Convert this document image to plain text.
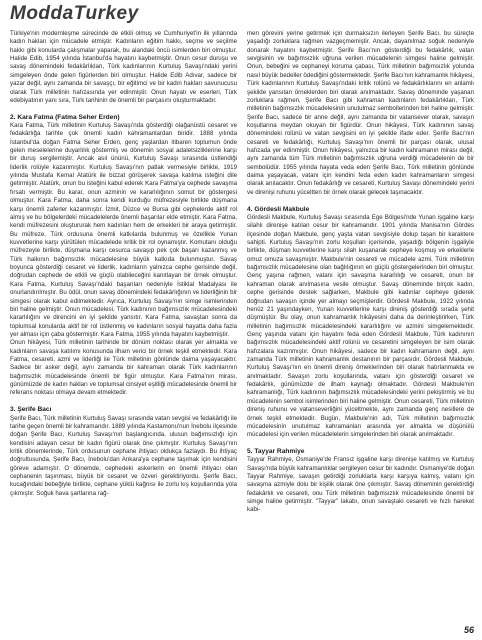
ModdaTurkey

Türkiye'nin modernleşme sürecinde de etkili olmuş ve Cumhuriyet'in ilk yıllarında kadın hakları için mücadele etmiştir. Kadınların eğitim hakkı, seçme ve seçilme hakkı gibi konularda çalışmalar yaparak, bu alandaki öncü isimlerden biri olmuştur. Halide Edib, 1954 yılında İstanbul'da hayatını kaybetmiştir. Onun cesur duruşu ve savaş dönemindeki fedakârlıkları, Türk kadınlarının Kurtuluş Savaşı'ndaki yerini simgeleyen önde gelen figürlerden biri olmuştur. Halide Edib Adıvar, sadece bir yazar değil, aynı zamanda bir savaşçı, bir eğitimci ve bir kadın hakları savunucusu olarak Türk milletinin hafızasında yer edinmiştir. Onun hayatı ve eserleri, Türk edebiyatının yanı sıra, Türk tarihinin de önemli bir parçasını oluşturmaktadır.

2. Kara Fatma (Fatma Seher Erden)

Kara Fatma, Türk milletinin Kurtuluş Savaşı'nda gösterdiği olağanüstü cesaret ve fedakârlığa tarihte çok önemli kadın kahramanlardan biridir. 1888 yılında İstanbul'da doğan Fatma Seher Erden, genç yaşlardan itibaren toplumun önde gelen meselelerine duyarlılık göstermiş ve dönemin sosyal adaletsizliklerine karşı bir duruş sergilemiştir. Ancak asıl ününü, Kurtuluş Savaşı sırasında üstlendiği liderlik rolüyle kazanmıştır. Kurtuluş Savaşı'nın patlak vermesiyle birlikte, 1919 yılında Mustafa Kemal Atatürk ile bizzat görüşerek savaşa katılma isteğini dile getirmiştir. Atatürk, onun bu isteğini kabul ederek Kara Fatma'ya cephede savaşma fırsatı vermiştir. Bu karar, onun azminin ve kararlılığının somut bir göstergesi olmuştur. Kara Fatma, daha sonra kendi kurduğu müfrezesiyle birlikte düşmana karşı önemli zaferler kazanmıştır. İzmit, Düzce ve Bursa gibi cephelerde aktif rol almış ve bu bölgelerdeki mücadelelerde önemli başarılar elde etmiştir. Kara Fatma, kendi müfrezesini oluştururak hem kadınları hem de erkekleri bir araya getirmiştir. Bu müfreze, Türk ordusuna önemli katkılarda bulunmuş ve özellikle Yunan kuvvetlerine karşı yürütülen mücadelede kritik bir rol oynamıştır. Komutanı olduğu müfrezeyle birlikte, düşmana karşı cesurca savaşıp pek çok başarı kazanmış ve Türk halkının bağımsızlık mücadelesine büyük katkıda bulunmuştur. Savaş boyunca gösterdiği cesaret ve liderlik, kadınların yalnızca cephe gerisinde değil, doğrudan cephede de etkili ve güçlü olabileceğini kanıtlayan bir örnek olmuştur. Kara Fatma, Kurtuluş Savaşı'ndaki başarıları nedeniyle İstiklal Madalyası ile onurlandırılmıştır. Bu ödül, onun savaş dönemindeki fedakârlığının ve liderliğinin bir simgesi olarak kabul edilmektedir. Ayrıca, Kurtuluş Savaşı'nın simge isimlerinden biri haline gelmiştir. Onun mücadelesi, Türk kadınının bağımsızlık mücadelesindeki kararlılığını ve direncini en iyi şekilde yansıtır. Kara Fatma, savaştan sonra da toplumsal konularda aktif bir rol üstlenmiş ve kadınların sosyal hayatta daha fazla yer alması için çaba göstermiştir. Kara Fatma, 1955 yılında hayatını kaybetmiştir.

Onun hikâyesi, Türk milletinin tarihinde bir dönüm noktası olarak yer almakta ve kadınların savaşa katılımı konusunda ilham verici bir örnek teşkil etmektedir. Kara Fatma, cesareti, azmi ve liderliği ile Türk milletinin gönlünde daima yaşayacaktır. Sadece bir asker değil, aynı zamanda bir kahraman olarak Türk kadınlarının bağımsızlık mücadelesinde önemli bir figür olmuştur. Kara Fatma'nın mirası, günümüzde de kadın hakları ve toplumsal cinsiyet eşitliği mücadelesinde önemli bir referans noktası olmaya devam etmektedir.

3. Şerife Bacı

Şerife Bacı, Türk milletinin Kurtuluş Savaşı sırasında vatan sevgisi ve fedakârlığı ile tarihe geçen önemli bir kahramandır. 1889 yılında Kastamonu'nun İnebolu ilçesinde doğan Şerife Bacı, Kurtuluş Savaşı'nın başlangıcında, ulusun bağımsızlığı için kendisini adayan cesur bir kadın figürü olarak öne çıkmıştır. Kurtuluş Savaşı'nın kritik dönemlerinde, Türk ordusunun cephane ihtiyacı oldukça fazlaydı. Bu ihtiyaç doğrultusunda, Şerife Bacı, İnebolu'dan Ankara'ya cephane taşımak için kendisini göreve adamıştır. O dönemde, cephedeki askerlerin en önemli ihtiyacı olan cephanenin taşınması, büyük bir cesaret ve özveri gerektiriyordu. Şerife Bacı, kucağındaki bebeğiyle birlikte, cephane yüklü kağnısı ile zorlu kış koşullarında yola çıkmıştır. Soğuk hava şartlarına rağ-

men görevini yerine getirmek için durmaksızın ilerleyen Şerife Bacı, bu süreçte yaşadığı zorluklara rağmen vazgeçmemiştir. Ancak, dayanılmaz soğuk nedeniyle donarak hayatını kaybetmiştir. Şerife Bacı'nın gösterdiği bu fedakârlık, vatan sevgisinin ve bağımsızlık uğruna verilen mücadelenin simgesi haline gelmiştir. Onun, bebeğini ve cephaneyi koruma çabası, Türk milletinin bağımsızlık yolunda nasıl büyük bedeller ödediğini göstermektedir. Şerife Bacı'nın kahramanlık hikâyesi, Türk kadınlarının Kurtuluş Savaşı'ndaki kritik rolünü ve fedakârlıklarını en anlamlı şekilde yansıtan örneklerden biri olarak anılmaktadır. Savaş döneminde yaşanan zorluklara rağmen, Şerife Bacı gibi kahraman kadınların fedakârlıkları, Türk milletinin bağımsızlık mücadelesinin unutulmaz sembollerinden biri haline gelmiştir. Şerife Bacı, sadece bir anne değil, aynı zamanda bir vatansever olarak, savaşın koşullarına meydan okuyan bir figürdür. Onun hikâyesi, Türk kadınının savaş dönemindeki rolünü ve vatan sevgisini en iyi şekilde ifade eder. Şerife Bacı'nın cesareti ve fedakârlığı, Kurtuluş Savaşı'nın önemli bir parçası olarak, ulusal hafızada yer edinmiştir. Onun hikâyesi, yalnızca bir kadın kahramanın mirası değil, aynı zamanda tüm Türk milletinin bağımsızlık uğruna verdiği mücadelenin de bir sembolüdür. 1955 yılında hayata veda eden Şerife Bacı, Türk milletinin gönlünde daima yaşayacak, vatanı için kendini feda eden kadın kahramanların simgesi olarak anılacaktır. Onun fedakârlığı ve cesareti, Kurtuluş Savaşı dönemindeki yerini ve direnişi ruhunu yüceltten bir örnek olarak gelecek taşınacaktır.

4. Gördesli Makbule

Gördesli Makbule, Kurtuluş Savaşı sırasında Ege Bölgesi'nde Yunan işgaline karşı silahlı direnişe katılan cesur bir kahramandır. 1901 yılında Manisa'nın Gördes ilçesinde doğan Makbule, genç yaşta vatan sevgisiyle dolup taşan bir karaktere sahipti. Kurtuluş Savaşı'nın zorlu koşulları içerisinde, yaşadığı bölgenin işgaliyle birlikte, düşman kuvvetlerine karşı silah kuşanarak cepheye koşmuş ve erkeklerle omuz omuza savaşmıştır. Makbule'nin cesareti ve mücadele azmi, Türk milletinin bağımsızlık mücadelesine olan bağlılığının en güçlü göstergelerinden biri olmuştur. Genç yaşına rağmen, vatanı için savaşma kararlılığı ve cesareti, onun bir kahraman olarak anılmasına vesile olmuştur. Savaş döneminde birçok kadın, cephe gerisinde destek sağlarken, Makbule gibi kadınlar cepheye giderek doğrudan savaşın içinde yer almayı seçmişlerdir. Gördesli Makbule, 1922 yılında henüz 21 yaşındayken, Yunan kuvvetlerine karşı direniş gösterdiği sırada şehit düşmüştür. Bu olay, onun kahramanlık hikâyesini daha da derinleştirirken, Türk milletinin bağımsızlık mücadelesindeki kararlılığını ve azmini simgelemektedir. Genç yaşında vatanı için hayatını feda eden Gördesli Makbule, Türk kadınının bağımsızlık mücadelesindeki aktif rolünü ve cesaretini simgeleyen bir isim olarak hafızalara kazınmıştır. Onun hikâyesi, sadece bir kadın kahramanın değil, aynı zamanda Türk milletinin kahramanlık destanının bir parçasıdır. Gördesli Makbule, Kurtuluş Savaşı'nın en önemli direniş örneklerinden biri olarak hatırlanmakta ve anılmaktadır. Savaşın zorlu koşullarında, vatanı için gösterdiği cesaret ve fedakârlık, günümüzde de ilham kaynağı olmaktadır. Gördesli Makbule'nin kahramanlığı, Türk kadınının bağımsızlık mücadelesindeki yerini pekiştirmiş ve bu mücadelenin sembol isimlerinden biri haline gelmiştir. Onun cesareti, Türk milletinin direniş ruhunu ve vatanseverliğini yüceltmekte, aynı zamanda genç nesillere de örnek teşkil etmektedir. Bugün, Makbule'nin adı, Türk milletinin bağımsızlık mücadelesinin unutulmaz kahramanları arasında yer almakta ve düşünülü mücadelesi için verilen mücadelelerin simgelerinden biri olarak anılmaktadır.

5. Tayyar Rahmiye

Tayyar Rahmiye, Osmaniye'de Fransız işgaline karşı direnişe katılmış ve Kurtuluş Savaşı'nda büyük kahramanlıklar sergileyen cesur bir kadındır. Osmaniye'de doğan Tayyar Rahmiye, savaşın getirdiği zorluklarla karşı karşıya kalmış, vatanı için savaşma azmiyle dolu bir kişilik olarak öne çıkmıştır. Savaş döneminin gerektirdiği fedakârlık ve cesareti, onu Türk milletinin bağımsızlık mücadelesinde önemli bir simge haline getirmiştir. "Tayyar" lakabı, onun savaştaki cesareti ve hızlı hareket kabi-

56
